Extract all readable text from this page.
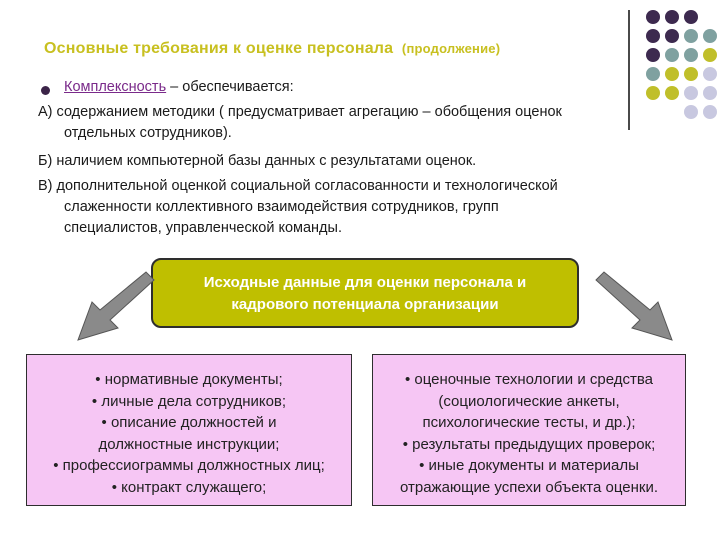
Основные требования к оценке персонала (продолжение)
Комплексность – обеспечивается:
А) содержанием методики ( предусматривает агрегацию – обобщения оценок
отдельных сотрудников).
Б) наличием компьютерной базы данных с результатами оценок.
В) дополнительной оценкой социальной согласованности и технологической
слаженности коллективного взаимодействия сотрудников, групп
специалистов, управленческой команды.
Исходные данные для оценки персонала и
кадрового потенциала организации
• нормативные документы;
• личные дела сотрудников;
• описание должностей и
должностные инструкции;
• профессиограммы должностных лиц;
• контракт служащего;
• оценочные технологии и средства
(социологические анкеты,
психологические тесты, и др.);
• результаты предыдущих проверок;
• иные документы и материалы
отражающие успехи объекта оценки.
